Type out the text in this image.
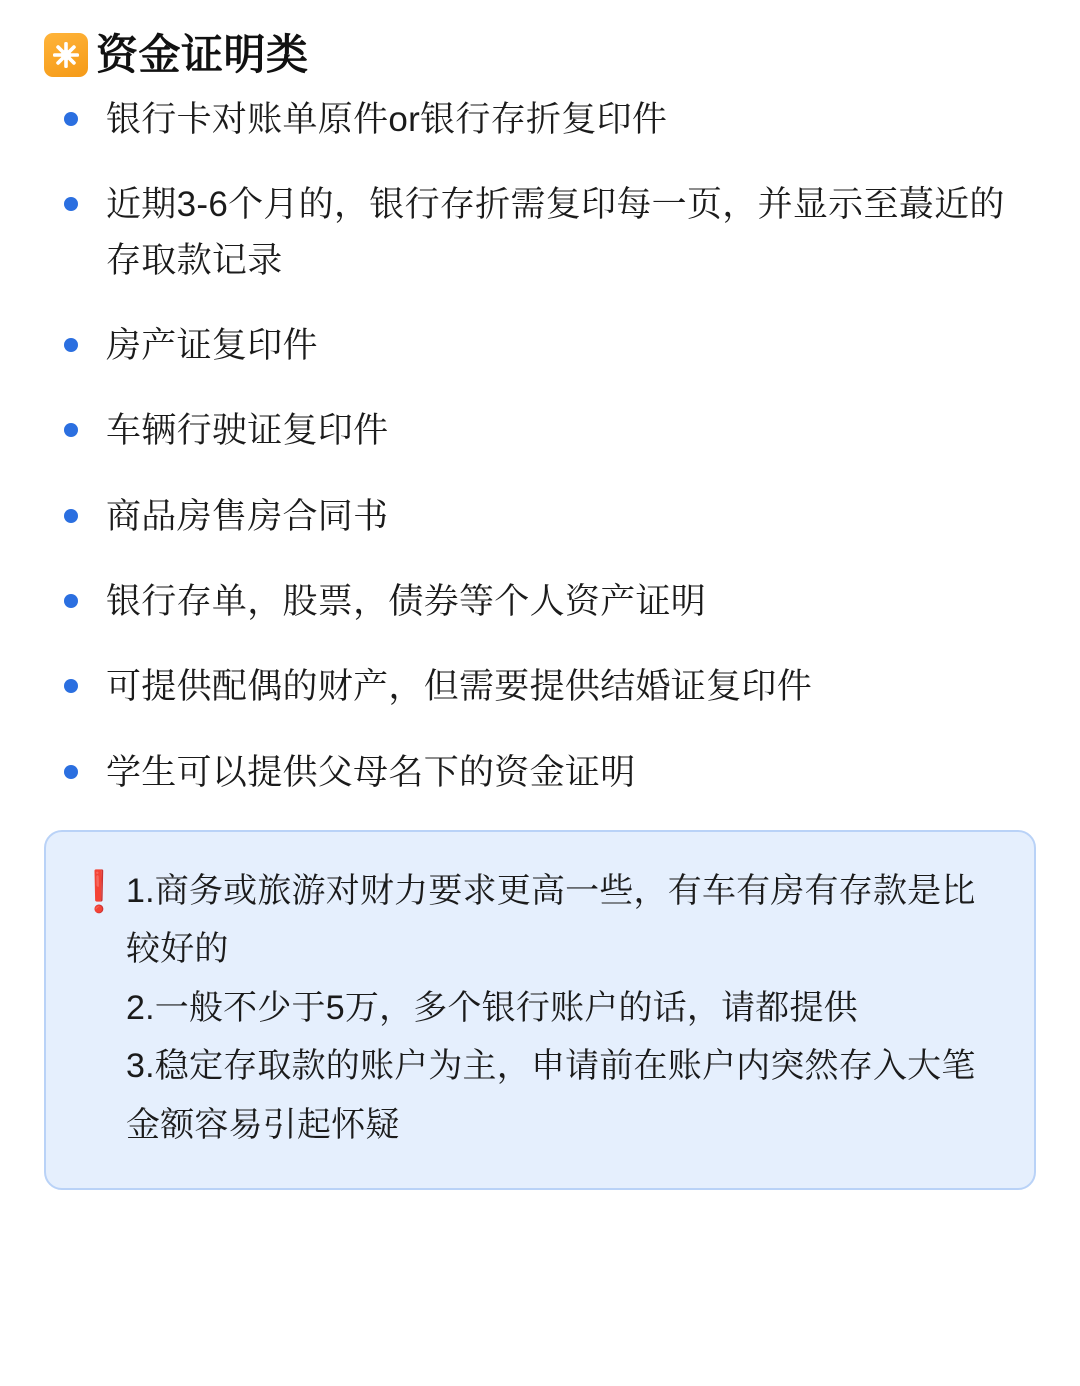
资金证明类
银行卡对账单原件or银行存折复印件
近期3-6个月的，银行存折需复印每一页，并显示至蕞近的存取款记录
房产证复印件
车辆行驶证复印件
商品房售房合同书
银行存单，股票，债券等个人资产证明
可提供配偶的财产，但需要提供结婚证复印件
学生可以提供父母名下的资金证明
❗ 1.商务或旅游对财力要求更高一些，有车有房有存款是比较好的
2.一般不少于5万，多个银行账户的话，请都提供
3.稳定存取款的账户为主，申请前在账户内突然存入大笔金额容易引起怀疑
